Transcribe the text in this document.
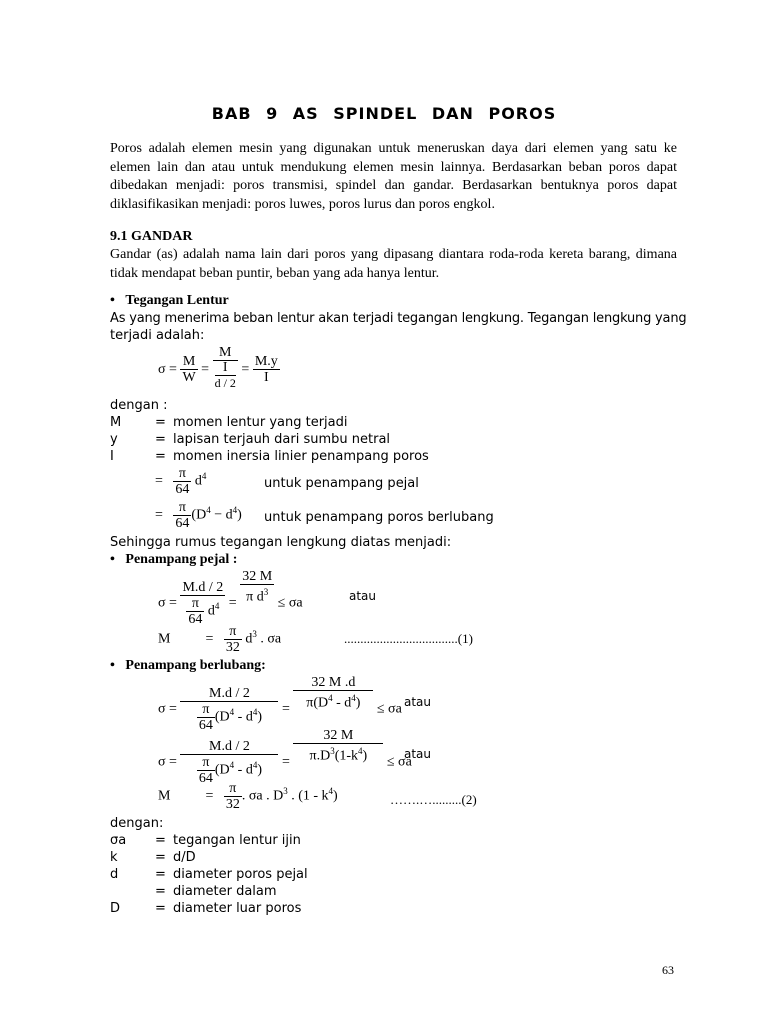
BAB 9 AS SPINDEL DAN POROS
Poros adalah elemen mesin yang digunakan untuk meneruskan daya dari elemen yang satu ke elemen lain dan atau untuk mendukung elemen mesin lainnya. Berdasarkan beban poros dapat dibedakan menjadi: poros transmisi, spindel dan gandar. Berdasarkan bentuknya poros dapat diklasifikasikan menjadi: poros luwes, poros lurus dan poros engkol.
9.1 GANDAR
Gandar (as) adalah nama lain dari poros yang dipasang diantara roda-roda kereta barang, dimana tidak mendapat beban puntir, beban yang ada hanya lentur.
• Tegangan Lentur
As yang menerima beban lentur akan terjadi tegangan lengkung. Tegangan lengkung yang
terjadi adalah:
$\sigma = \frac{M}{W} = M$
I
$d / 2 = \frac{M.y}{I}$
dengan :
M	= momen lentur yang terjadi
y	= lapisan terjauh dari sumbu netral
I	= momen inersia linier penampang poros
= $\frac{\pi}{64} d^4$	untuk penampang pejal
= $\frac{\pi}{64} (D^4 - d^4)$ untuk penampang poros berlubang
Sehingga rumus tegangan lengkung diatas menjadi:
• Penampang pejal :
$\sigma = \frac{M.d / 2}{\frac{\pi}{64} d^4} = \frac{32 M}{\pi d^3} \le \sigma a$	atau
M          = $\frac{\pi}{32} d^3$ . σa	...................................(1)
• Penampang berlubang:
$\sigma = \frac{M.d / 2}{\frac{\pi}{64} (D^4 - d^4)} = \frac{32 M .d}{\pi(D^4 - d^4)} \le \sigma a$ atau
$\sigma = \frac{M.d / 2}{\frac{\pi}{64} (D^4 - d^4)} = \frac{32 M}{\pi.D^3(1-k^4)} \le \sigma a$
atau
M          = $\frac{\pi}{32}$ . σa . $D^3$ . $(1 - k^4)$	…….….........(2)
dengan:
σa = tegangan lentur ijin
k	= d/D
d	= diameter poros pejal
= diameter dalam
D	= diameter luar poros
63
